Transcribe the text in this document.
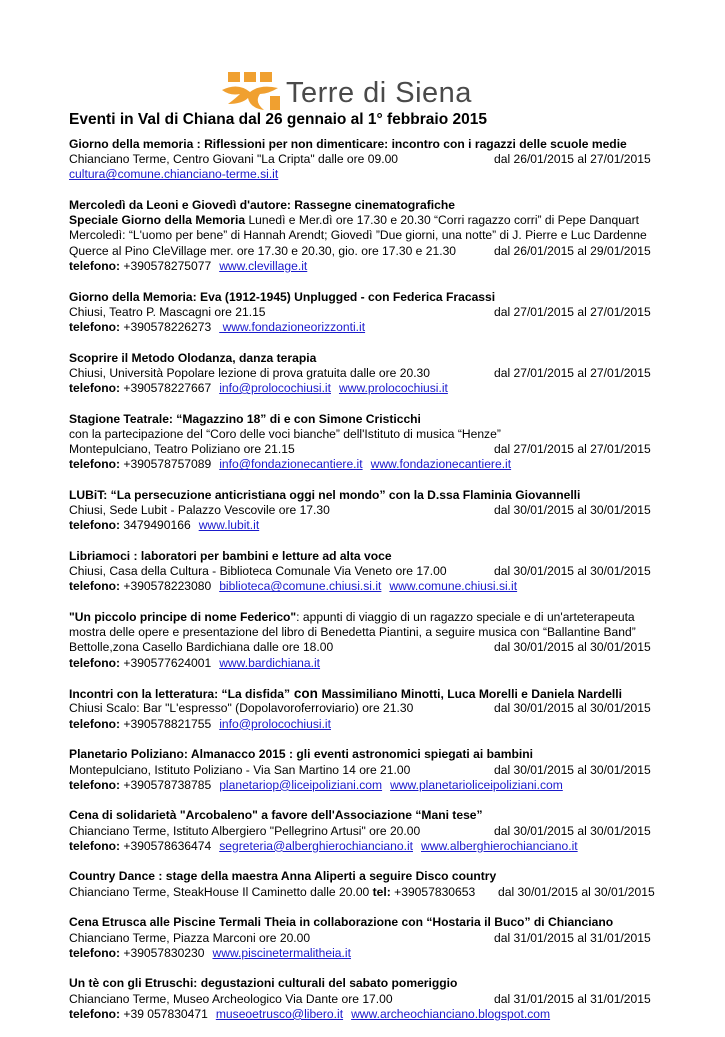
Terre di Siena
Eventi in Val di Chiana dal 26 gennaio al 1° febbraio 2015
Giorno della memoria : Riflessioni per non dimenticare: incontro con i ragazzi delle scuole medie
Chianciano Terme, Centro Giovani "La Cripta" dalle ore 09.00	dal 26/01/2015 al 27/01/2015
cultura@comune.chianciano-terme.si.it
Mercoledì da Leoni e Giovedì d'autore: Rassegne cinematografiche
Speciale Giorno della Memoria Lunedì e Mer.dì ore 17.30 e 20.30 “Corri ragazzo corri” di Pepe Danquart
Mercoledì: “L'uomo per bene” di Hannah Arendt; Giovedì ”Due giorni, una notte” di J. Pierre e Luc Dardenne
Querce al Pino CleVillage mer. ore 17.30 e 20.30, gio. ore 17.30 e 21.30	dal 26/01/2015 al 29/01/2015
telefono: +390578275077 www.clevillage.it
Giorno della Memoria: Eva (1912-1945) Unplugged - con Federica Fracassi
Chiusi, Teatro P. Mascagni ore 21.15	dal 27/01/2015 al 27/01/2015
telefono: +390578226273 www.fondazioneorizzonti.it
Scoprire il Metodo Olodanza, danza terapia
Chiusi, Università Popolare lezione di prova gratuita dalle ore 20.30	dal 27/01/2015 al 27/01/2015
telefono: +390578227667 info@prolocochiusi.it www.prolocochiusi.it
Stagione Teatrale: “Magazzino 18” di e con Simone Cristicchi
con la partecipazione del “Coro delle voci bianche” dell'Istituto di musica “Henze”
Montepulciano, Teatro Poliziano ore 21.15	dal 27/01/2015 al 27/01/2015
telefono: +390578757089 info@fondazionecantiere.it www.fondazionecantiere.it
LUBiT: “La persecuzione anticristiana oggi nel mondo” con la D.ssa Flaminia Giovannelli
Chiusi, Sede Lubit - Palazzo Vescovile ore 17.30	dal 30/01/2015 al 30/01/2015
telefono: 3479490166 www.lubit.it
Libriamoci : laboratori per bambini e letture ad alta voce
Chiusi, Casa della Cultura - Biblioteca Comunale Via Veneto ore 17.00	dal 30/01/2015 al 30/01/2015
telefono: +390578223080 biblioteca@comune.chiusi.si.it www.comune.chiusi.si.it
"Un piccolo principe di nome Federico": appunti di viaggio di un ragazzo speciale e di un'arteterapeuta
mostra delle opere e presentazione del libro di Benedetta Piantini, a seguire musica con “Ballantine Band”
Bettolle,zona Casello Bardichiana dalle ore 18.00	dal 30/01/2015 al 30/01/2015
telefono: +390577624001 www.bardichiana.it
Incontri con la letteratura: “La disfida” con Massimiliano Minotti, Luca Morelli e Daniela Nardelli
Chiusi Scalo: Bar "L'espresso" (Dopolavoroferroviario) ore 21.30	dal 30/01/2015 al 30/01/2015
telefono: +390578821755 info@prolocochiusi.it
Planetario Poliziano: Almanacco 2015 : gli eventi astronomici spiegati ai bambini
Montepulciano, Istituto Poliziano - Via San Martino 14 ore 21.00	dal 30/01/2015 al 30/01/2015
telefono: +390578738785 planetariop@liceipoliziani.com www.planetarioliceipoliziani.com
Cena di solidarietà "Arcobaleno" a favore dell'Associazione “Mani tese”
Chianciano Terme, Istituto Albergiero "Pellegrino Artusi" ore 20.00	dal 30/01/2015 al 30/01/2015
telefono: +390578636474 segreteria@alberghierochianciano.it www.alberghierochianciano.it
Country Dance : stage della maestra Anna Aliperti a seguire Disco country
Chianciano Terme, SteakHouse Il Caminetto dalle 20.00 tel: +39057830653 dal 30/01/2015 al 30/01/2015
Cena Etrusca alle Piscine Termali Theia in collaborazione con “Hostaria il Buco” di Chianciano
Chianciano Terme, Piazza Marconi ore 20.00	dal 31/01/2015 al 31/01/2015
telefono: +39057830230 www.piscinetermalitheia.it
Un tè con gli Etruschi: degustazioni culturali del sabato pomeriggio
Chianciano Terme, Museo Archeologico Via Dante ore 17.00	dal 31/01/2015 al 31/01/2015
telefono: +39 057830471 museoetrusco@libero.it www.archeochianciano.blogspot.com
